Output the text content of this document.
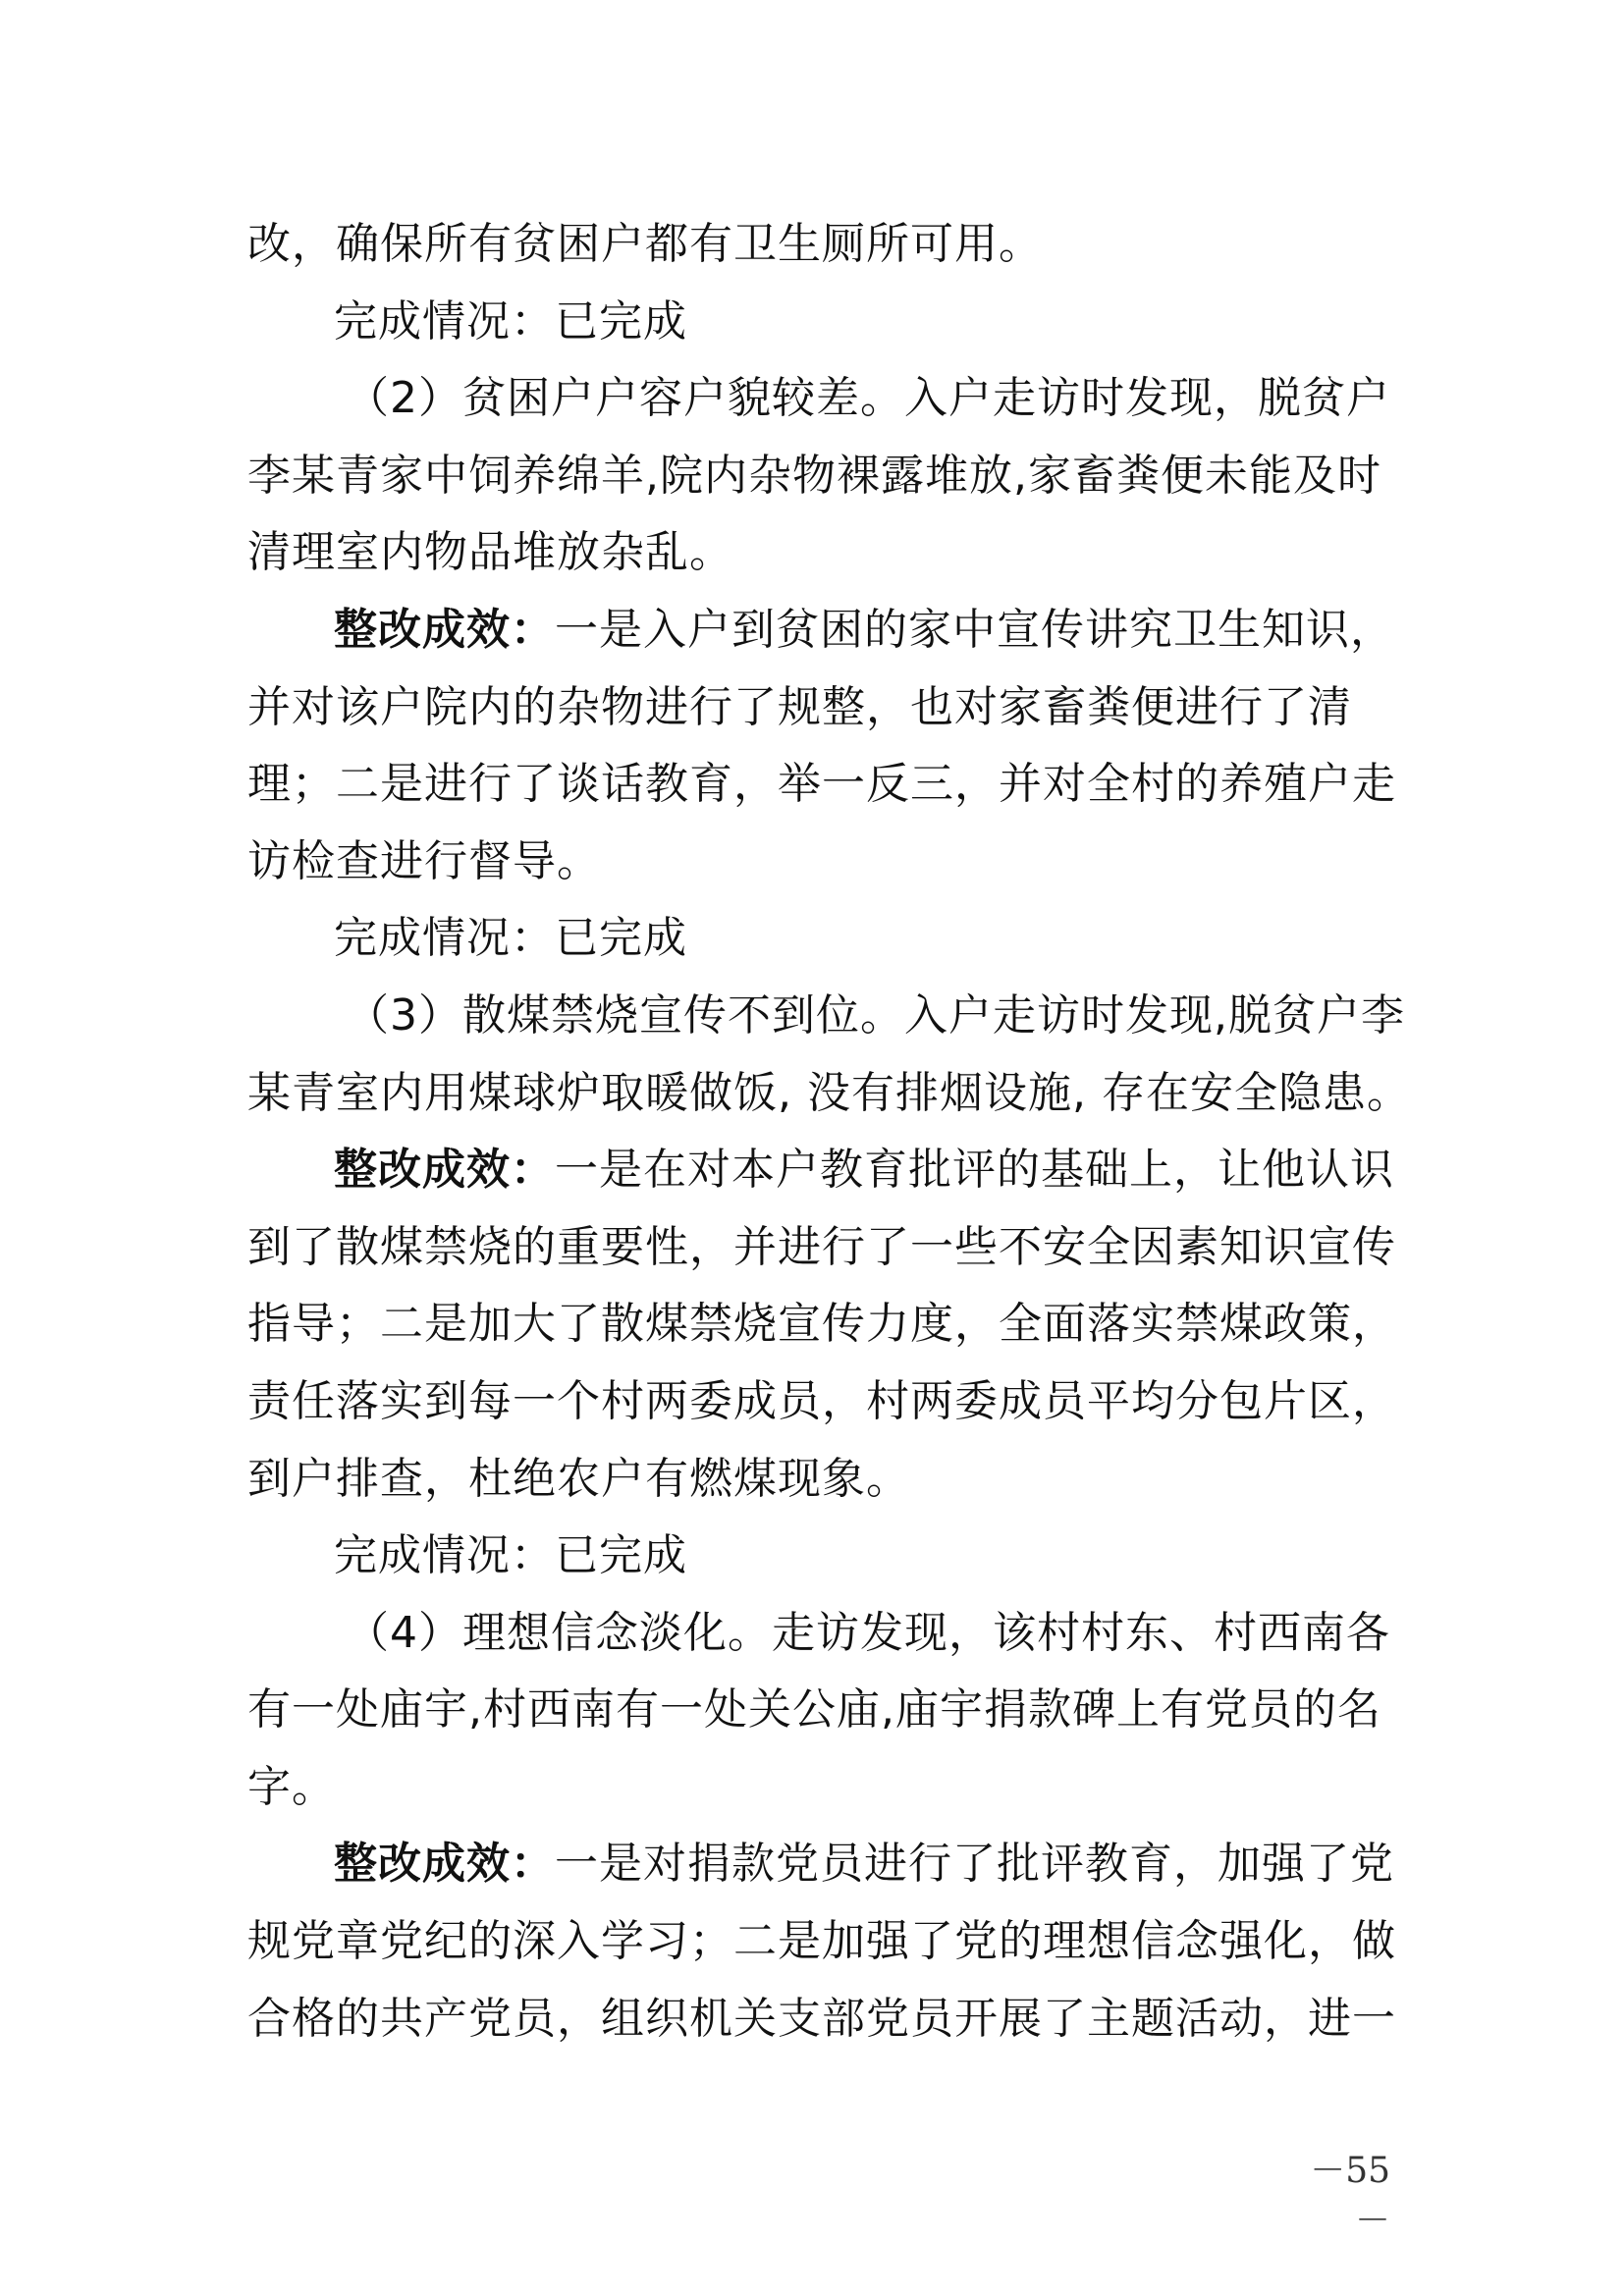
改，确保所有贫困户都有卫生厕所可用。
完成情况：已完成
（2）贫困户户容户貌较差。入户走访时发现，脱贫户
李某青家中饲养绵羊,院内杂物裸露堆放,家畜粪便未能及时
清理室内物品堆放杂乱。
整改成效：一是入户到贫困的家中宣传讲究卫生知识，
并对该户院内的杂物进行了规整，也对家畜粪便进行了清
理；二是进行了谈话教育，举一反三，并对全村的养殖户走
访检查进行督导。
完成情况：已完成
（3）散煤禁烧宣传不到位。入户走访时发现,脱贫户李
某青室内用煤球炉取暖做饭, 没有排烟设施, 存在安全隐患。
整改成效：一是在对本户教育批评的基础上，让他认识
到了散煤禁烧的重要性，并进行了一些不安全因素知识宣传
指导；二是加大了散煤禁烧宣传力度，全面落实禁煤政策，
责任落实到每一个村两委成员，村两委成员平均分包片区，
到户排查，杜绝农户有燃煤现象。
完成情况：已完成
（4）理想信念淡化。走访发现，该村村东、村西南各
有一处庙宇,村西南有一处关公庙,庙宇捐款碑上有党员的名
字。
整改成效：一是对捐款党员进行了批评教育，加强了党
规党章党纪的深入学习；二是加强了党的理想信念强化，做
合格的共产党员，组织机关支部党员开展了主题活动，进一
－55－
